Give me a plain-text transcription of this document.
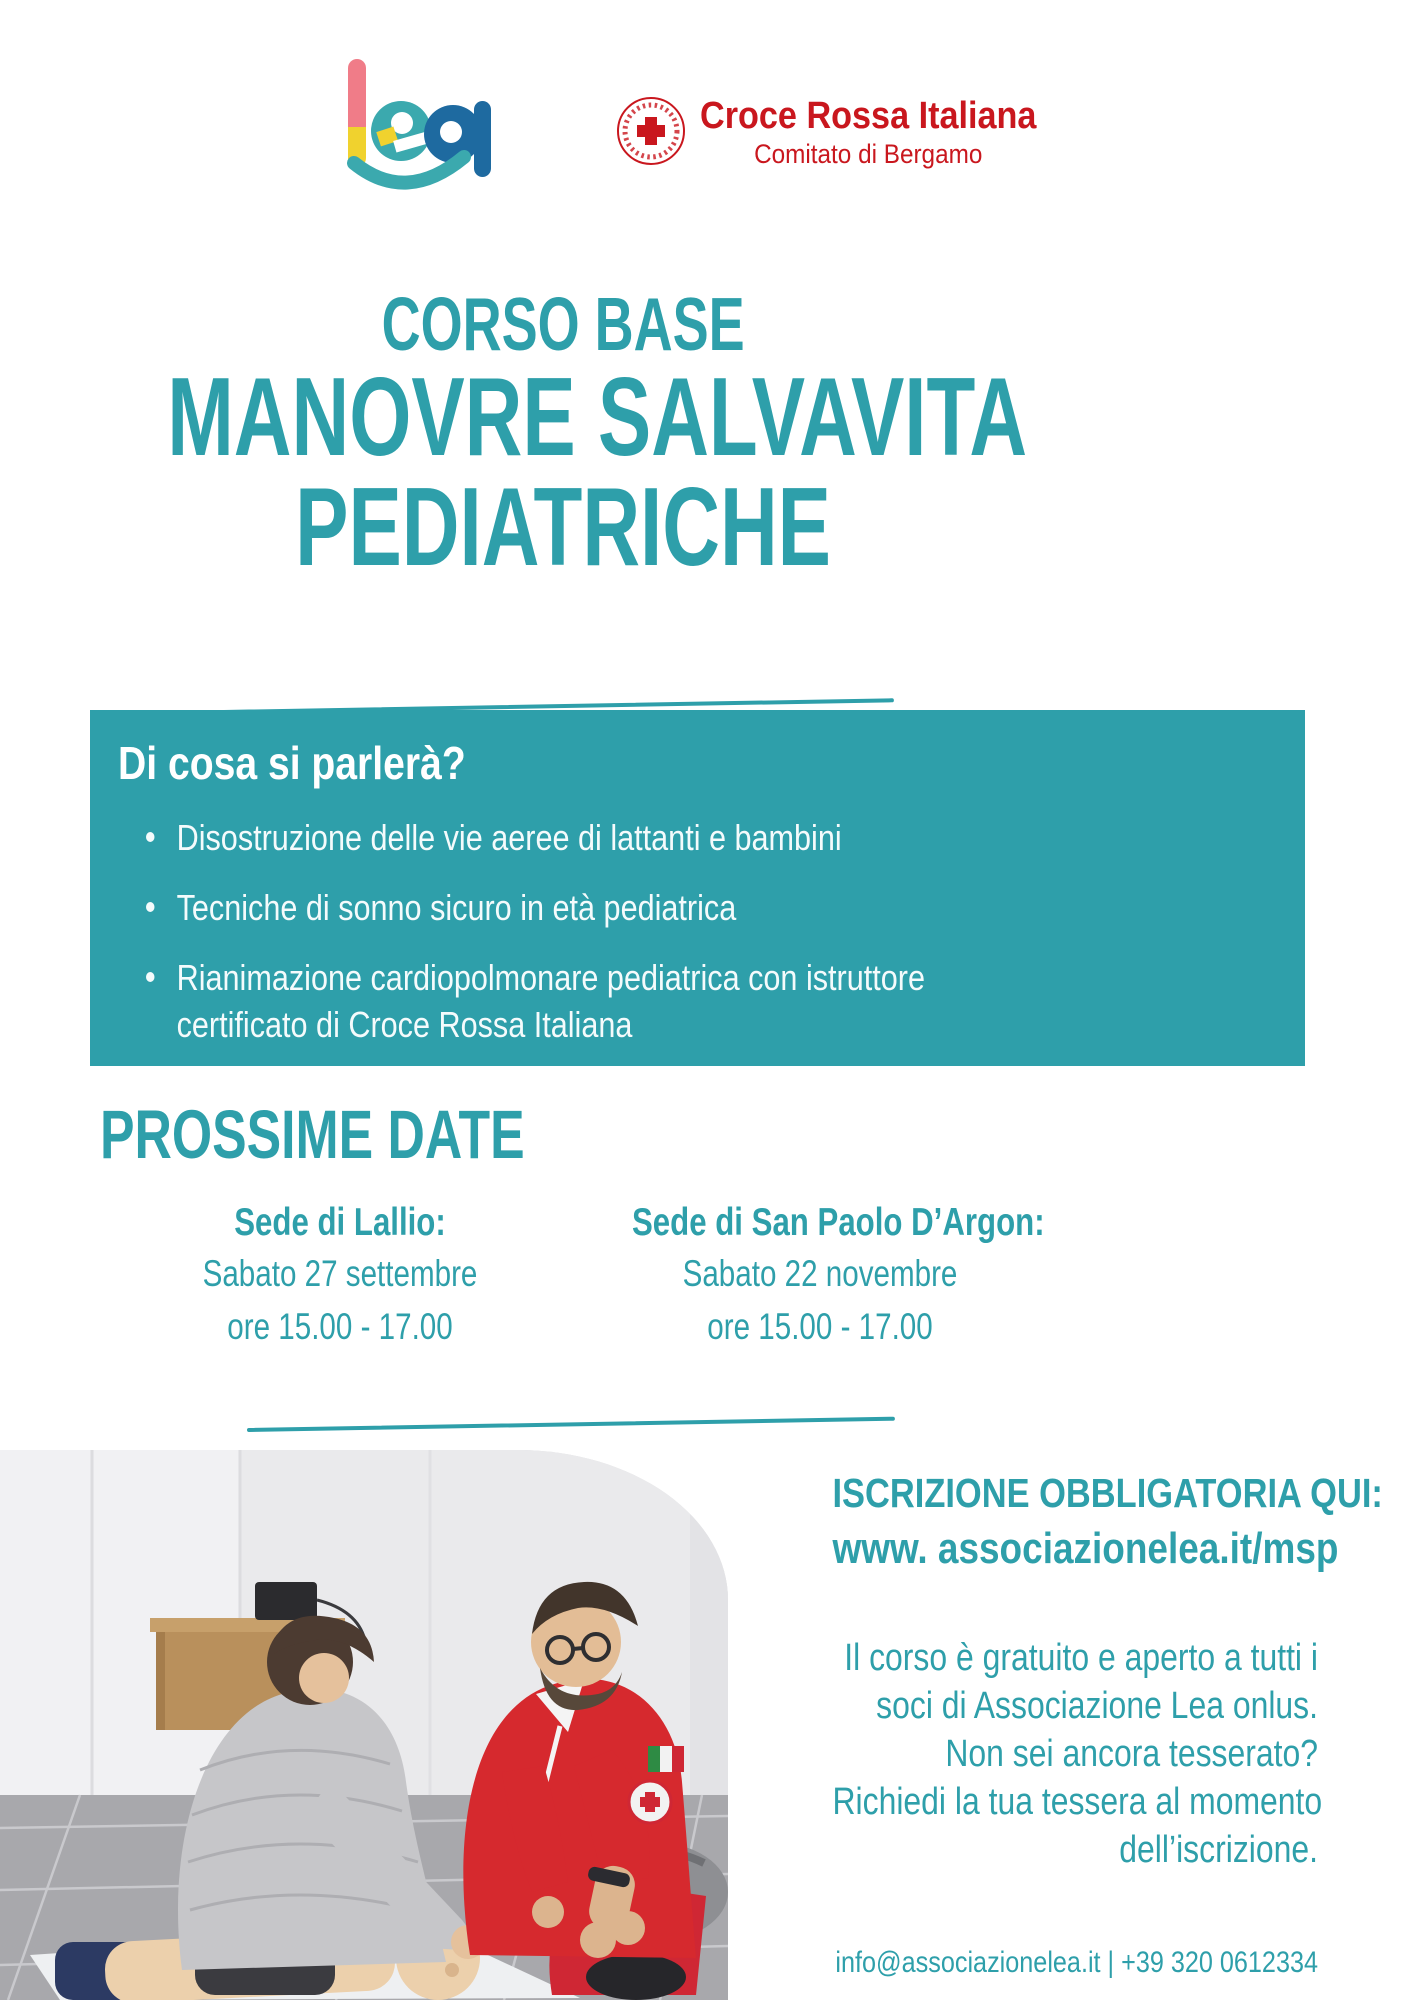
Croce Rossa Italiana
Comitato di Bergamo
CORSO BASE
MANOVRE SALVAVITA
PEDIATRICHE
Di cosa si parlerà?
Disostruzione delle vie aeree di lattanti e bambini
Tecniche di sonno sicuro in età pediatrica
Rianimazione cardiopolmonare pediatrica con istruttore
certificato di Croce Rossa Italiana
PROSSIME DATE
Sede di Lallio:
Sabato 27 settembre
ore 15.00 - 17.00
Sede di San Paolo D’Argon:
Sabato 22 novembre
ore 15.00 - 17.00
ISCRIZIONE OBBLIGATORIA QUI:
www. associazionelea.it/msp
Il corso è gratuito e aperto a tutti i
soci di Associazione Lea onlus.
Non sei ancora tesserato?
Richiedi la tua tessera al momento
dell’iscrizione.
info@associazionelea.it | +39 320 0612334
